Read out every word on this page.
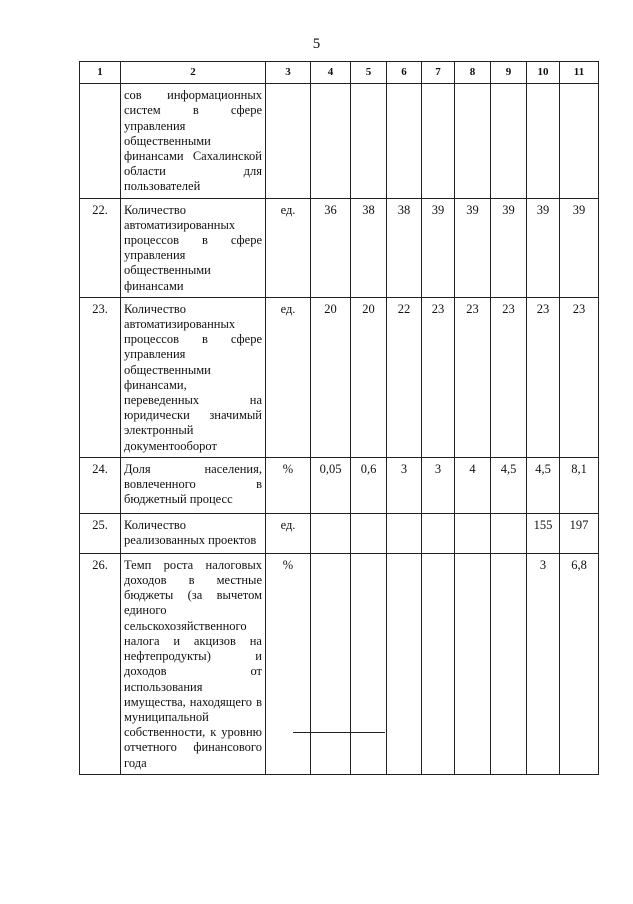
5
1	2	3	4	5	6	7	8	9	10	11
	сов информационных систем в сфере управления общественными финансами Сахалинской области для пользователей									
22.	Количество автоматизированных процессов в сфере управления общественными финансами	ед.	36	38	38	39	39	39	39	39
23.	Количество автоматизированных процессов в сфере управления общественными финансами, переведенных на юридически значимый электронный документооборот	ед.	20	20	22	23	23	23	23	23
24.	Доля населения, вовлеченного в бюджетный процесс	%	0,05	0,6	3	3	4	4,5	4,5	8,1
25.	Количество реализованных проектов	ед.							155	197
26.	Темп роста налоговых доходов в местные бюджеты (за вычетом единого сельскохозяйственного налога и акцизов на нефтепродукты) и доходов от использования имущества, находящего в муниципальной собственности, к уровню отчетного финансового года	%							3	6,8
